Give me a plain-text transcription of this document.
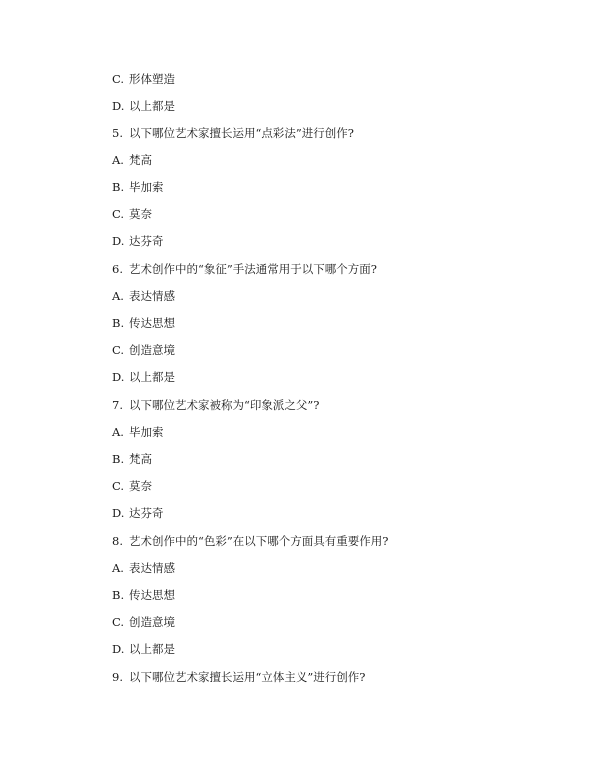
C. 形体塑造
D. 以上都是
5. 以下哪位艺术家擅长运用“点彩法”进行创作?
A. 梵高
B. 毕加索
C. 莫奈
D. 达芬奇
6. 艺术创作中的“象征”手法通常用于以下哪个方面?
A. 表达情感
B. 传达思想
C. 创造意境
D. 以上都是
7. 以下哪位艺术家被称为“印象派之父”?
A. 毕加索
B. 梵高
C. 莫奈
D. 达芬奇
8. 艺术创作中的“色彩”在以下哪个方面具有重要作用?
A. 表达情感
B. 传达思想
C. 创造意境
D. 以上都是
9. 以下哪位艺术家擅长运用“立体主义”进行创作?
